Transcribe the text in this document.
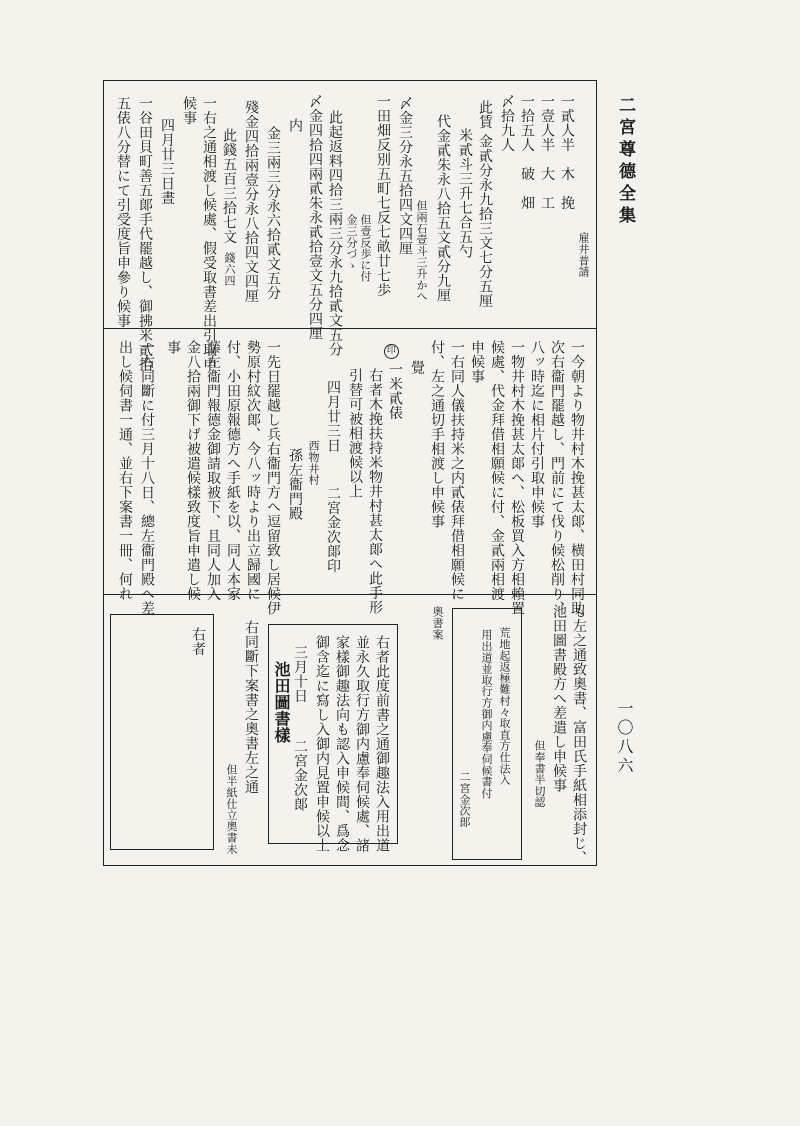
二宮尊德全集
一〇八六
雇井普請
一貳人半　木　挽
一壹人半　大　工
一拾五人　破　畑
〆拾九人
此賃 金貳分永九拾三文七分五厘
米貳斗三升七合五勺
代金貳朱永八拾五文貳分九厘
但兩石壹斗三升かへ
〆金三分永五拾四文四厘
一田畑反別五町七反七畝廿七歩
但壹反歩に付
金三分づゝ
此起返料四拾三兩三分永九拾貳文五分
〆金四拾四兩貳朱永貳拾壹文五分四厘
内
金三兩三分永六拾貳文五分
殘金四拾兩壹分永八拾四文四厘
此錢五百三拾七文
錢六四
一右之通相渡し候處、假受取書差出引取申
候事
四月廿三日晝
一谷田貝町善五郞手代罷越し、御拂米貳拾
五俵八分替にて引受度旨申參り候事
一今朝より物井村木挽甚太郞、横田村同助
次右衞門罷越し、門前にて伐り候松削り、
八ッ時迄に相片付引取申候事
一物井村木挽甚太郞へ、松板買入方相賴置
候處、代金拜借相願候に付、金貳兩相渡
申候事
一右同人儀扶持米之内貳俵拜借相願候に
付、左之通切手相渡し申候事
覺
印
一米貳俵
右者木挽扶持米物井村甚太郞へ此手形
引替可被相渡候以上
四月廿三日
二宮金次郞印
西物井村
孫左衞門殿
一先日罷越し兵右衞門方へ逗留致し居候伊
勢原村紋次郞、今八ッ時より出立歸國に
付、小田原報德方へ手紙を以、同人本家
藤左衞門報德金御請取被下、且同人加入
金八拾兩御下げ被遣候樣致度旨申遣し候
事
一右同斷に付三月十八日、總左衞門殿へ差
出し候伺書一通、並右下案書一冊、何れ
も左之通致奧書、富田氏手紙相添封じ、
池田圖書殿方へ差遣し申候事
但奉書半切認
荒地起返極難村々取直方仕法入
用出道並取行方御内慮奉伺候書付
二宮金次郞
奧書案
右者此度前書之通御趣法入用出道
並永久取行方御内慮奉伺候處、諸
家樣御趣法向も認入申候間、爲念
御含迄に寫し入御内見置申候以上
三月十日
二宮金次郞
池田圖書樣
右同斷下案書之奧書左之通
但半紙仕立奧書未
右者
